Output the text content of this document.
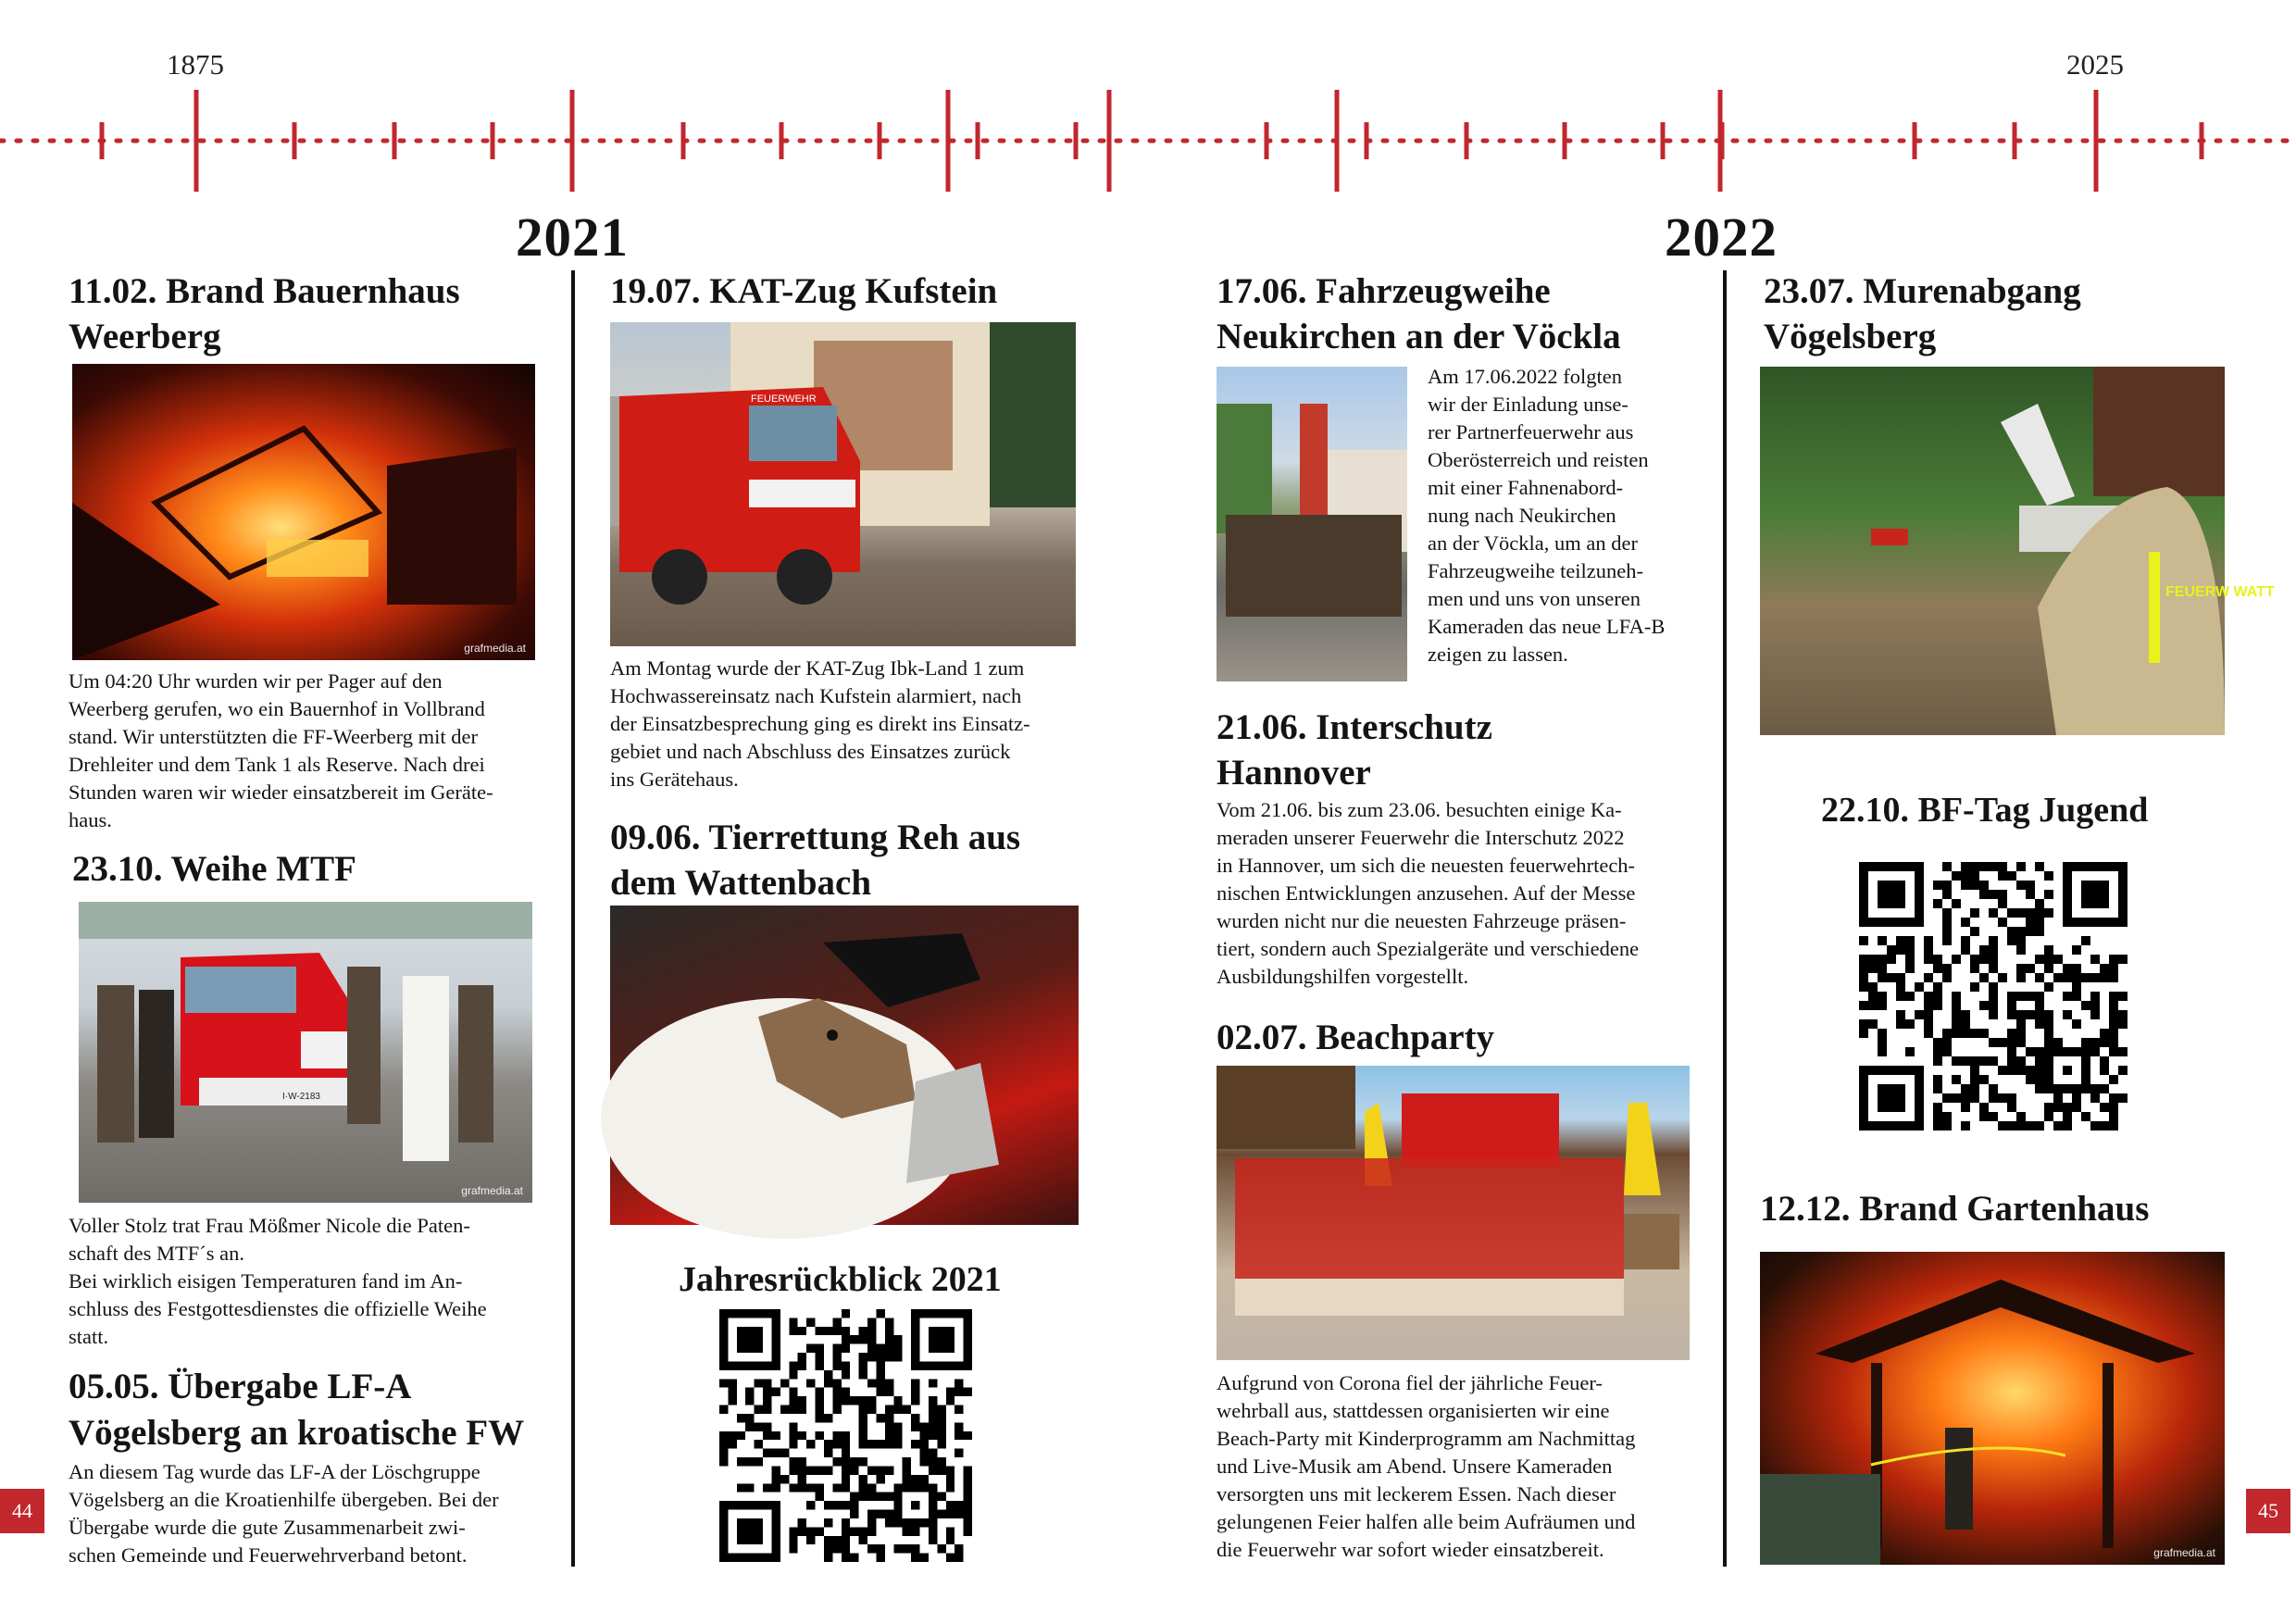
1875	2025
2021	2022
11.02. Brand Bauernhaus
Weerberg
grafmedia.at
Um 04:20 Uhr wurden wir per Pager auf den
Weerberg gerufen, wo ein Bauernhof in Vollbrand
stand. Wir unterstützten die FF-Weerberg mit der
Drehleiter und dem Tank 1 als Reserve. Nach drei
Stunden waren wir wieder einsatzbereit im Geräte-
haus.
23.10. Weihe MTF
I·W-2183
grafmedia.at
Voller Stolz trat Frau Mößmer Nicole die Paten-
schaft des MTF´s an.
Bei wirklich eisigen Temperaturen fand im An-
schluss des Festgottesdienstes die offizielle Weihe
statt.
05.05. Übergabe LF-A
Vögelsberg an kroatische FW
An diesem Tag wurde das LF-A der Löschgruppe
Vögelsberg an die Kroatienhilfe übergeben. Bei der
Übergabe wurde die gute Zusammenarbeit zwi-
schen Gemeinde und Feuerwehrverband betont.
19.07. KAT-Zug Kufstein
FEUERWEHR
Am Montag wurde der KAT-Zug Ibk-Land 1 zum
Hochwassereinsatz nach Kufstein alarmiert, nach
der Einsatzbesprechung ging es direkt ins Einsatz-
gebiet und nach Abschluss des Einsatzes zurück
ins Gerätehaus.
09.06. Tierrettung Reh aus
dem Wattenbach
Jahresrückblick 2021
17.06. Fahrzeugweihe
Neukirchen an der Vöckla
Am 17.06.2022 folgten
wir der Einladung unse-
rer Partnerfeuerwehr aus
Oberösterreich und reisten
mit einer Fahnenabord-
nung nach Neukirchen
an der Vöckla, um an der
Fahrzeugweihe teilzuneh-
men und uns von unseren
Kameraden das neue LFA-B
zeigen zu lassen.
21.06. Interschutz
Hannover
Vom 21.06. bis zum 23.06. besuchten einige Ka-
meraden unserer Feuerwehr die Interschutz 2022
in Hannover, um sich die neuesten feuerwehrtech-
nischen Entwicklungen anzusehen. Auf der Messe
wurden nicht nur die neuesten Fahrzeuge präsen-
tiert, sondern auch Spezialgeräte und verschiedene
Ausbildungshilfen vorgestellt.
02.07. Beachparty
Aufgrund von Corona fiel der jährliche Feuer-
wehrball aus, stattdessen organisierten wir eine
Beach-Party mit Kinderprogramm am Nachmittag
und Live-Musik am Abend. Unsere Kameraden
versorgten uns mit leckerem Essen. Nach dieser
gelungenen Feier halfen alle beim Aufräumen und
die Feuerwehr war sofort wieder einsatzbereit.
23.07. Murenabgang
Vögelsberg
FEUERW WATT
22.10. BF-Tag Jugend
12.12. Brand Gartenhaus
grafmedia.at
44	45
